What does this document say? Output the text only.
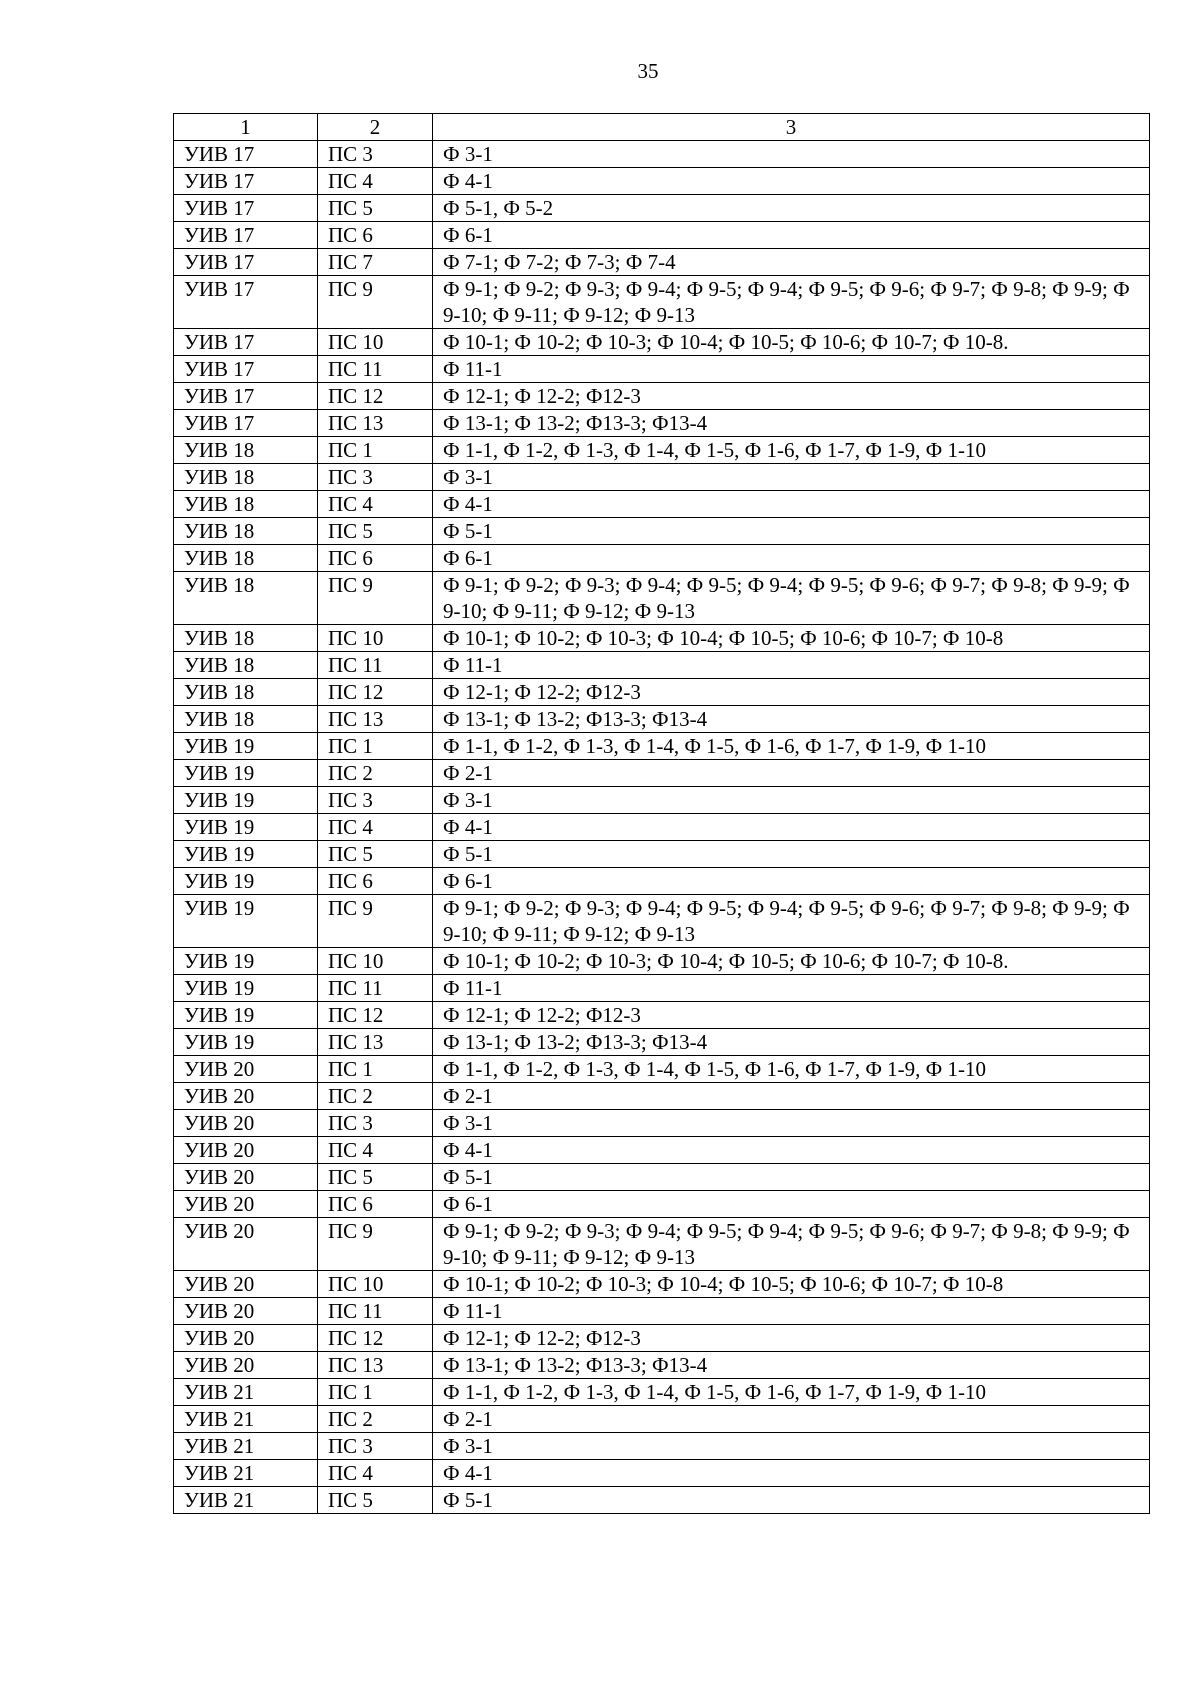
35
1	2	3
УИВ 17	ПС 3	Ф 3-1
УИВ 17	ПС 4	Ф 4-1
УИВ 17	ПС 5	Ф 5-1, Ф 5-2
УИВ 17	ПС 6	Ф 6-1
УИВ 17	ПС 7	Ф 7-1; Ф 7-2; Ф 7-3; Ф 7-4
УИВ 17	ПС 9	Ф 9-1; Ф 9-2; Ф 9-3; Ф 9-4; Ф 9-5; Ф 9-4; Ф 9-5; Ф 9-6; Ф 9-7; Ф 9-8; Ф 9-9; Ф 9-10; Ф 9-11; Ф 9-12; Ф 9-13
УИВ 17	ПС 10	Ф 10-1; Ф 10-2; Ф 10-3; Ф 10-4; Ф 10-5; Ф 10-6; Ф 10-7; Ф 10-8.
УИВ 17	ПС 11	Ф 11-1
УИВ 17	ПС 12	Ф 12-1; Ф 12-2; Ф12-3
УИВ 17	ПС 13	Ф 13-1; Ф 13-2; Ф13-3; Ф13-4
УИВ 18	ПС 1	Ф 1-1, Ф 1-2, Ф 1-3, Ф 1-4, Ф 1-5, Ф 1-6, Ф 1-7, Ф 1-9, Ф 1-10
УИВ 18	ПС 3	Ф 3-1
УИВ 18	ПС 4	Ф 4-1
УИВ 18	ПС 5	Ф 5-1
УИВ 18	ПС 6	Ф 6-1
УИВ 18	ПС 9	Ф 9-1; Ф 9-2; Ф 9-3; Ф 9-4; Ф 9-5; Ф 9-4; Ф 9-5; Ф 9-6; Ф 9-7; Ф 9-8; Ф 9-9; Ф 9-10; Ф 9-11; Ф 9-12; Ф 9-13
УИВ 18	ПС 10	Ф 10-1; Ф 10-2; Ф 10-3; Ф 10-4; Ф 10-5; Ф 10-6; Ф 10-7; Ф 10-8
УИВ 18	ПС 11	Ф 11-1
УИВ 18	ПС 12	Ф 12-1; Ф 12-2; Ф12-3
УИВ 18	ПС 13	Ф 13-1; Ф 13-2; Ф13-3; Ф13-4
УИВ 19	ПС 1	Ф 1-1, Ф 1-2, Ф 1-3, Ф 1-4, Ф 1-5, Ф 1-6, Ф 1-7, Ф 1-9, Ф 1-10
УИВ 19	ПС 2	Ф 2-1
УИВ 19	ПС 3	Ф 3-1
УИВ 19	ПС 4	Ф 4-1
УИВ 19	ПС 5	Ф 5-1
УИВ 19	ПС 6	Ф 6-1
УИВ 19	ПС 9	Ф 9-1; Ф 9-2; Ф 9-3; Ф 9-4; Ф 9-5; Ф 9-4; Ф 9-5; Ф 9-6; Ф 9-7; Ф 9-8; Ф 9-9; Ф 9-10; Ф 9-11; Ф 9-12; Ф 9-13
УИВ 19	ПС 10	Ф 10-1; Ф 10-2; Ф 10-3; Ф 10-4; Ф 10-5; Ф 10-6; Ф 10-7; Ф 10-8.
УИВ 19	ПС 11	Ф 11-1
УИВ 19	ПС 12	Ф 12-1; Ф 12-2; Ф12-3
УИВ 19	ПС 13	Ф 13-1; Ф 13-2; Ф13-3; Ф13-4
УИВ 20	ПС 1	Ф 1-1, Ф 1-2, Ф 1-3, Ф 1-4, Ф 1-5, Ф 1-6, Ф 1-7, Ф 1-9, Ф 1-10
УИВ 20	ПС 2	Ф 2-1
УИВ 20	ПС 3	Ф 3-1
УИВ 20	ПС 4	Ф 4-1
УИВ 20	ПС 5	Ф 5-1
УИВ 20	ПС 6	Ф 6-1
УИВ 20	ПС 9	Ф 9-1; Ф 9-2; Ф 9-3; Ф 9-4; Ф 9-5; Ф 9-4; Ф 9-5; Ф 9-6; Ф 9-7; Ф 9-8; Ф 9-9; Ф 9-10; Ф 9-11; Ф 9-12; Ф 9-13
УИВ 20	ПС 10	Ф 10-1; Ф 10-2; Ф 10-3; Ф 10-4; Ф 10-5; Ф 10-6; Ф 10-7; Ф 10-8
УИВ 20	ПС 11	Ф 11-1
УИВ 20	ПС 12	Ф 12-1; Ф 12-2; Ф12-3
УИВ 20	ПС 13	Ф 13-1; Ф 13-2; Ф13-3; Ф13-4
УИВ 21	ПС 1	Ф 1-1, Ф 1-2, Ф 1-3, Ф 1-4, Ф 1-5, Ф 1-6, Ф 1-7, Ф 1-9, Ф 1-10
УИВ 21	ПС 2	Ф 2-1
УИВ 21	ПС 3	Ф 3-1
УИВ 21	ПС 4	Ф 4-1
УИВ 21	ПС 5	Ф 5-1
